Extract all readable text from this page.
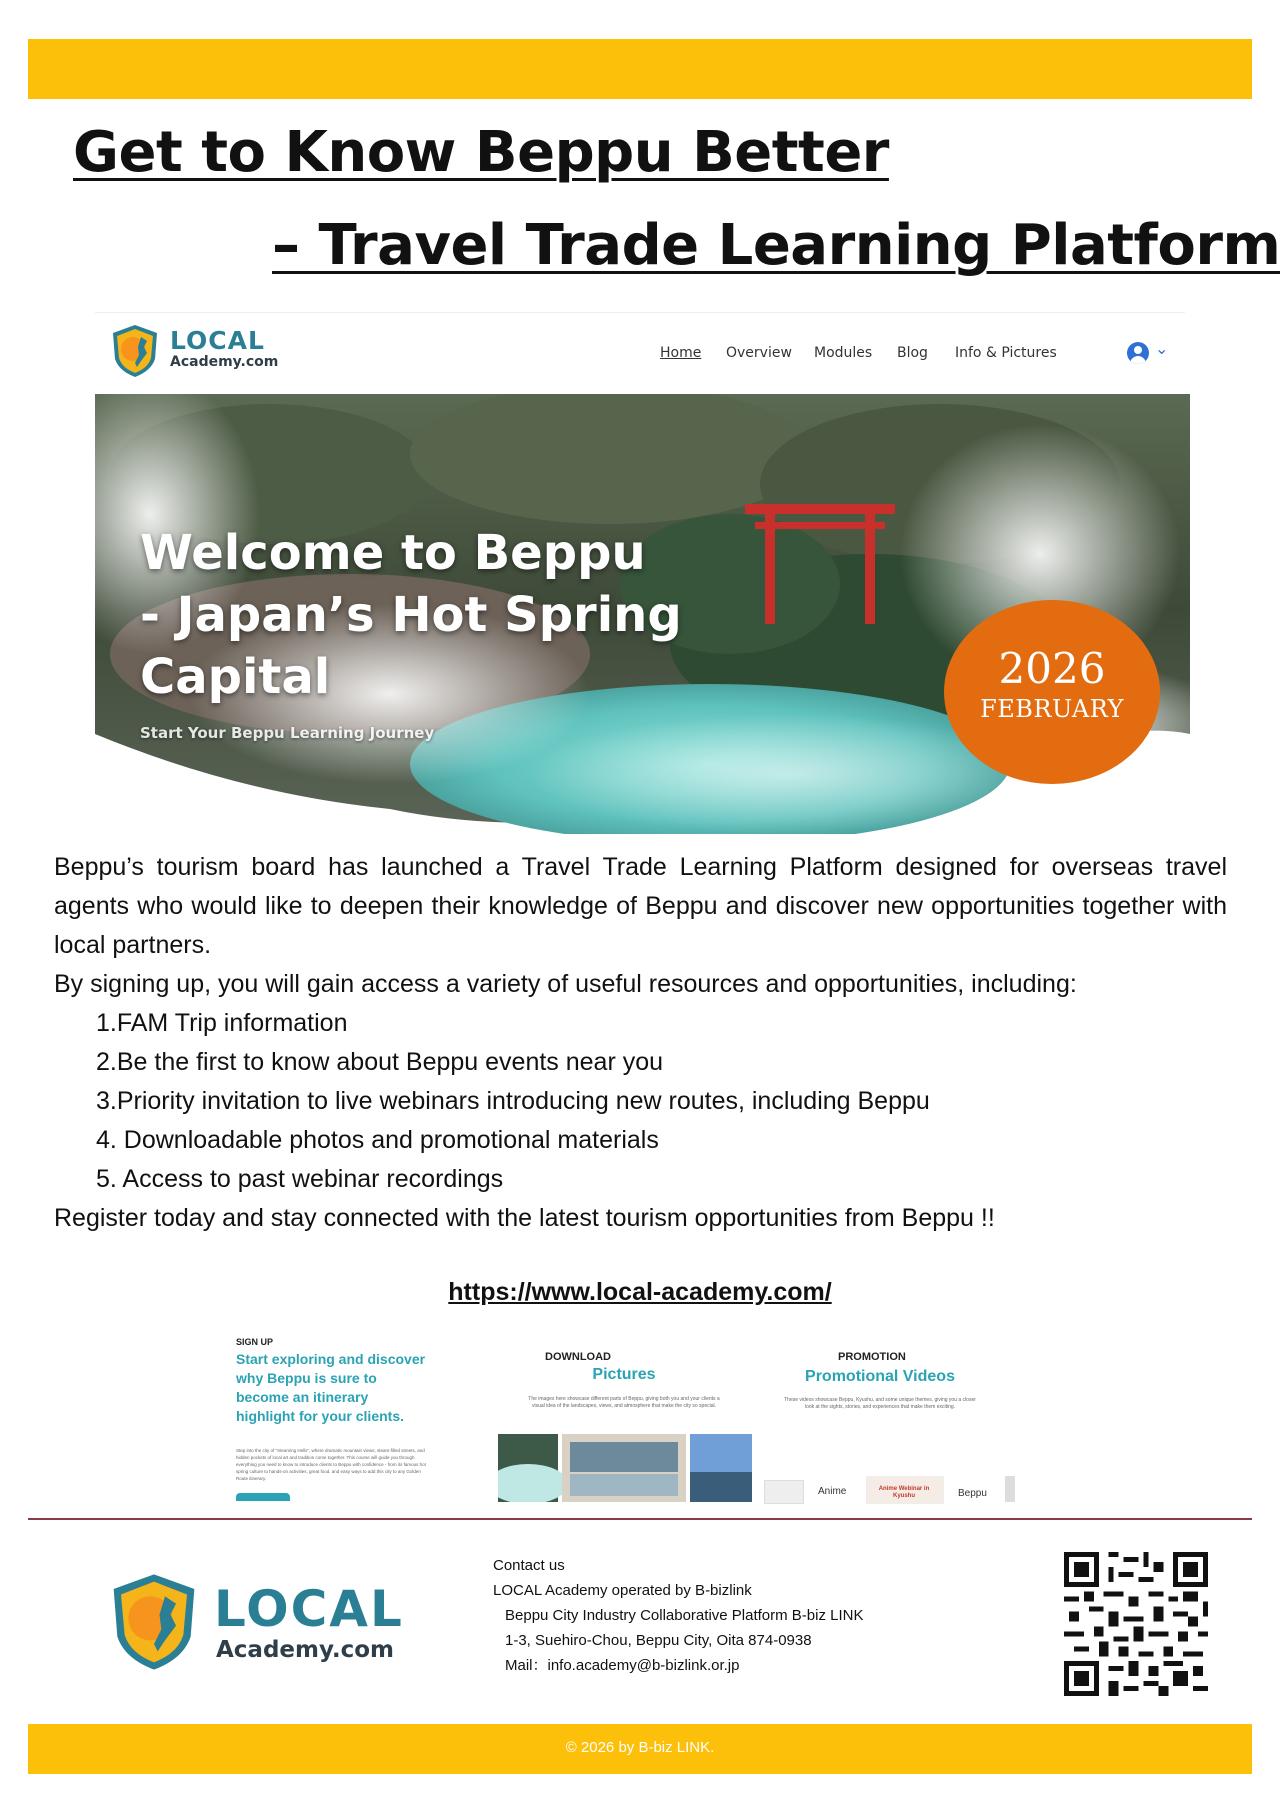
Get to Know Beppu Better
– Travel Trade Learning Platform
LOCAL
Academy.com
Home Overview Modules Blog Info & Pictures	⌄
Welcome to Beppu
- Japan’s Hot Spring
Capital
Start Your Beppu Learning Journey
2026
FEBRUARY

Beppu’s tourism board has launched a Travel Trade Learning Platform designed for overseas travel agents who would like to deepen their knowledge of Beppu and discover new opportunities together with local partners.

By signing up, you will gain access a variety of useful resources and opportunities, including:

1.FAM Trip information

2.Be the first to know about Beppu events near you

3.Priority invitation to live webinars introducing new routes, including Beppu

4. Downloadable photos and promotional materials

5. Access to past webinar recordings

Register today and stay connected with the latest tourism opportunities from Beppu !!

https://www.local-academy.com/
SIGN UP
Start exploring and discover why Beppu is sure to become an itinerary highlight for your clients.
Step into the city of "Steaming Hells", where dramatic mountain views, steam-filled streets, and hidden pockets of local art and tradition come together. This course will guide you through everything you need to know to introduce clients to Beppu with confidence - from its famous hot spring culture to hands-on activities, great food, and easy ways to add this city to any Golden Route itinerary.
DOWNLOAD
Pictures
The images here showcase different parts of Beppu, giving both you and your clients a visual idea of the landscapes, views, and atmosphere that make the city so special.
PROMOTION
Promotional Videos
These videos showcase Beppu, Kyushu, and some unique themes, giving you a closer look at the sights, stories, and experiences that make them exciting.
Anime	Anime Webinar in Kyushu	Beppu
LOCAL
Academy.com
Contact us
LOCAL Academy operated by B-bizlink
Beppu City Industry Collaborative Platform B-biz LINK
1-3, Suehiro-Chou, Beppu City, Oita 874-0938
Mail：info.academy@b-bizlink.or.jp
© 2026 by B-biz LINK.
